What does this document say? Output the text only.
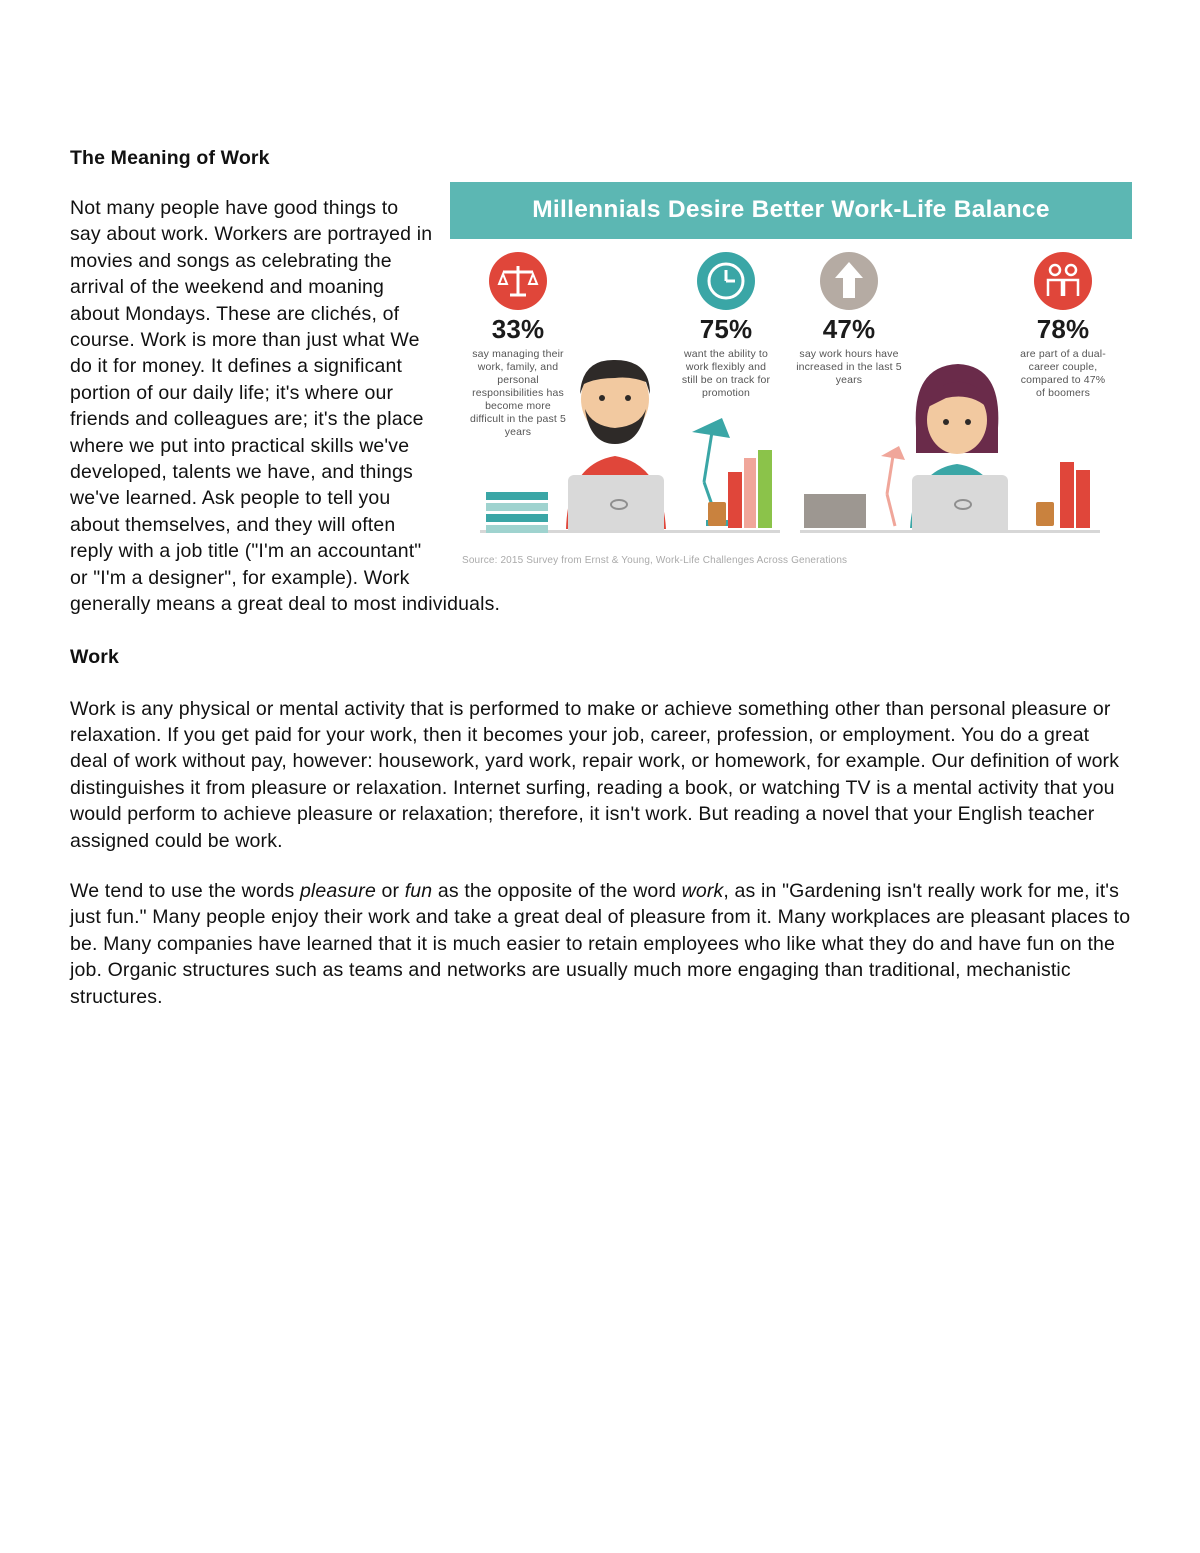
The Meaning of Work
Millennials Desire Better Work-Life Balance
33%
say managing their work, family, and personal responsibilities has become more difficult in the past 5 years
75%
want the ability to work flexibly and still be on track for promotion
47%
say work hours have increased in the last 5 years
78%
are part of a dual-career couple, compared to 47% of boomers
Source: 2015 Survey from Ernst & Young, Work-Life Challenges Across Generations

Not many people have good things to say about work. Workers are portrayed in movies and songs as celebrating the arrival of the weekend and moaning about Mondays. These are clichés, of course. Work is more than just what We do it for money. It defines a significant portion of our daily life; it's where our friends and colleagues are; it's the place where we put into practical skills we've developed, talents we have, and things we've learned. Ask people to tell you about themselves, and they will often reply with a job title ("I'm an accountant" or "I'm a designer", for example). Work generally means a great deal to most individuals.

Work

Work is any physical or mental activity that is performed to make or achieve something other than personal pleasure or relaxation. If you get paid for your work, then it becomes your job, career, profession, or employment. You do a great deal of work without pay, however: housework, yard work, repair work, or homework, for example. Our definition of work distinguishes it from pleasure or relaxation. Internet surfing, reading a book, or watching TV is a mental activity that you would perform to achieve pleasure or relaxation; therefore, it isn't work. But reading a novel that your English teacher assigned could be work.

We tend to use the words pleasure or fun as the opposite of the word work, as in "Gardening isn't really work for me, it's just fun." Many people enjoy their work and take a great deal of pleasure from it. Many workplaces are pleasant places to be. Many companies have learned that it is much easier to retain employees who like what they do and have fun on the job. Organic structures such as teams and networks are usually much more engaging than traditional, mechanistic structures.
